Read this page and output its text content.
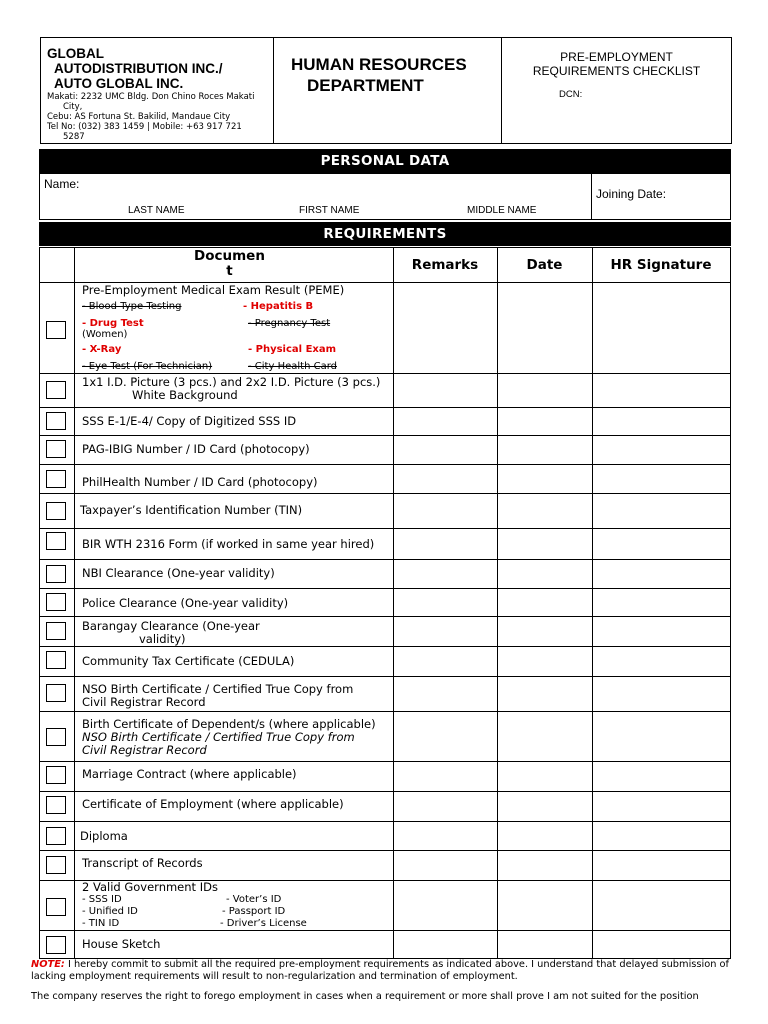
GLOBAL
AUTODISTRIBUTION INC./
AUTO GLOBAL INC.
Makati: 2232 UMC Bldg. Don Chino Roces Makati
City,
Cebu: AS Fortuna St. Bakilid, Mandaue City
Tel No: (032) 383 1459 | Mobile: +63 917 721
5287
HUMAN RESOURCES
DEPARTMENT
PRE-EMPLOYMENT
REQUIREMENTS CHECKLIST
DCN:
PERSONAL DATA
Name:
LAST NAME	FIRST NAME	MIDDLE NAME
Joining Date:
REQUIREMENTS
Documen
t	Remarks	Date	HR Signature
Pre-Employment Medical Exam Result (PEME)
- Blood Type Testing	- Hepatitis B
- Drug Test	- Pregnancy Test
(Women)
- X-Ray	- Physical Exam
- Eye Test (For Technician)	- City Health Card
1x1 I.D. Picture (3 pcs.) and 2x2 I.D. Picture (3 pcs.)
White Background
SSS E-1/E-4/ Copy of Digitized SSS ID
PAG-IBIG Number / ID Card (photocopy)
PhilHealth Number / ID Card (photocopy)
Taxpayer’s Identification Number (TIN)
BIR WTH 2316 Form (if worked in same year hired)
NBI Clearance (One-year validity)
Police Clearance (One-year validity)
Barangay Clearance (One-year
validity)
Community Tax Certificate (CEDULA)
NSO Birth Certificate / Certified True Copy from
Civil Registrar Record
Birth Certificate of Dependent/s (where applicable)
NSO Birth Certificate / Certified True Copy from
Civil Registrar Record
Marriage Contract (where applicable)
Certificate of Employment (where applicable)
Diploma
Transcript of Records
2 Valid Government IDs
- SSS ID	- Voter’s ID
- Unified ID	- Passport ID
- TIN ID	- Driver’s License
House Sketch
NOTE: I hereby commit to submit all the required pre-employment requirements as indicated above. I understand that delayed submission of lacking employment requirements will result to non-regularization and termination of employment.
The company reserves the right to forego employment in cases when a requirement or more shall prove I am not suited for the position
